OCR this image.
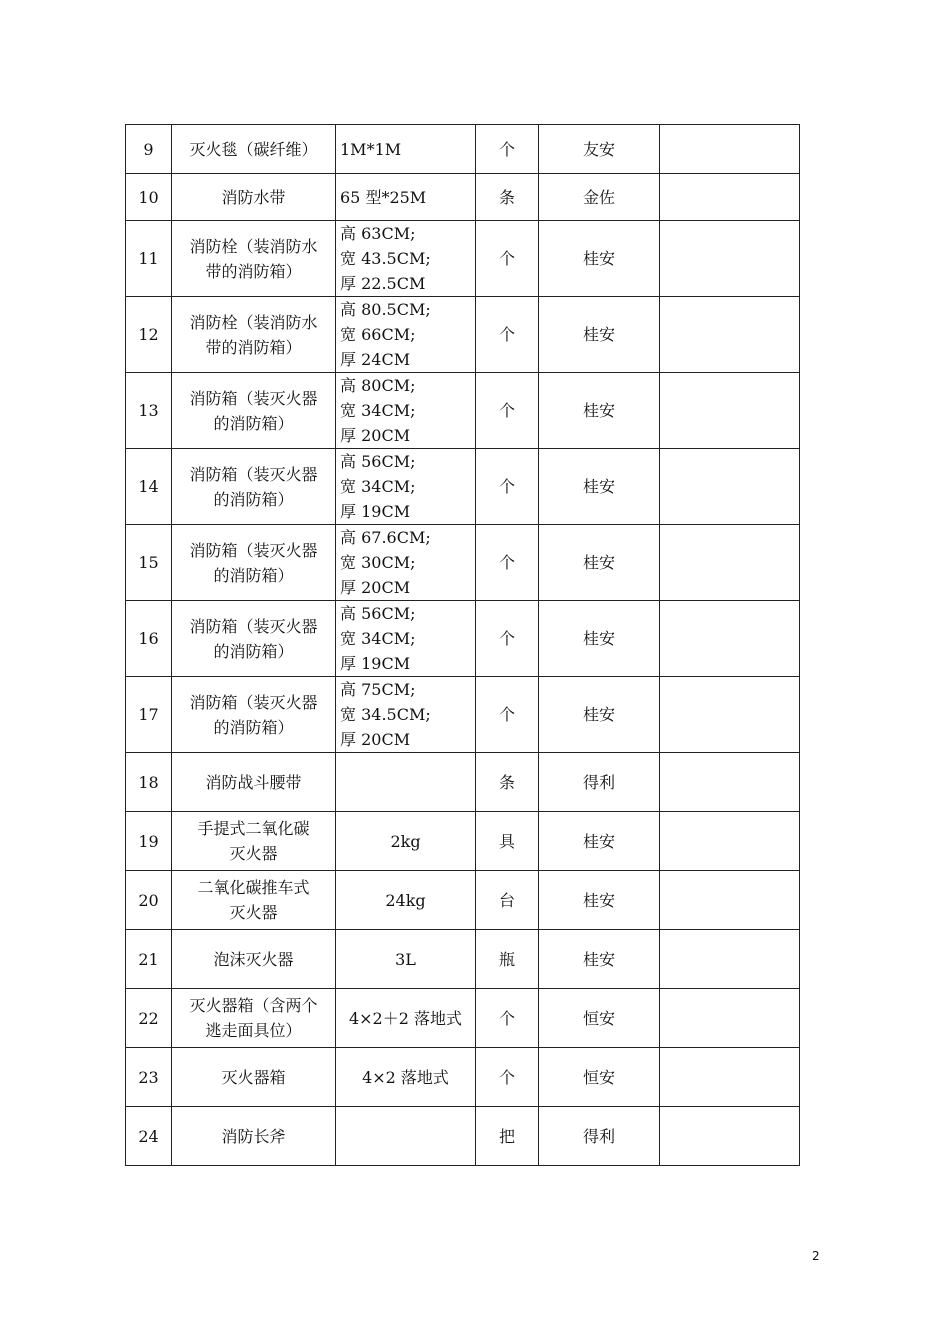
9	灭火毯（碳纤维）	1M*1M	个	友安	
10	消防水带	65 型*25M	条	金佐	
11	消防栓（装消防水
带的消防箱）	高 63CM;
宽 43.5CM;
厚 22.5CM	个	桂安	
12	消防栓（装消防水
带的消防箱）	高 80.5CM;
宽 66CM;
厚 24CM	个	桂安	
13	消防箱（装灭火器
的消防箱）	高 80CM;
宽 34CM;
厚 20CM	个	桂安	
14	消防箱（装灭火器
的消防箱）	高 56CM;
宽 34CM;
厚 19CM	个	桂安	
15	消防箱（装灭火器
的消防箱）	高 67.6CM;
宽 30CM;
厚 20CM	个	桂安	
16	消防箱（装灭火器
的消防箱）	高 56CM;
宽 34CM;
厚 19CM	个	桂安	
17	消防箱（装灭火器
的消防箱）	高 75CM;
宽 34.5CM;
厚 20CM	个	桂安	
18	消防战斗腰带		条	得利	
19	手提式二氧化碳
灭火器	2kg	具	桂安	
20	二氧化碳推车式
灭火器	24kg	台	桂安	
21	泡沫灭火器	3L	瓶	桂安	
22	灭火器箱（含两个
逃走面具位）	4×2＋2 落地式	个	恒安	
23	灭火器箱	4×2 落地式	个	恒安	
24	消防长斧		把	得利	
2
